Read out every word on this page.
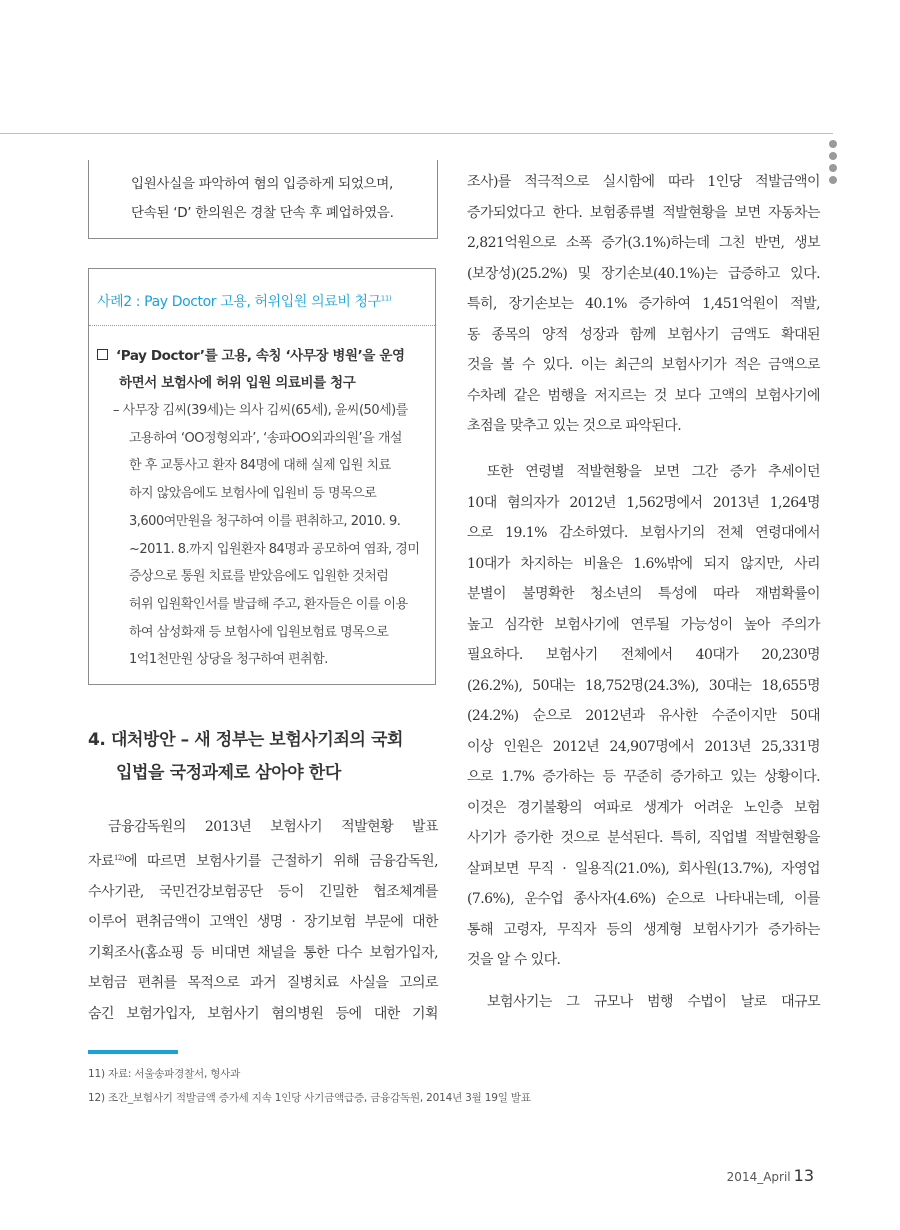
입원사실을 파악하여 혐의 입증하게 되었으며,

단속된 ‘D’ 한의원은 경찰 단속 후 폐업하였음.

사례2 : Pay Doctor 고용, 허위입원 의료비 청구$^{11)}$
‘Pay Doctor’를 고용, 속칭 ‘사무장 병원’을 운영
하면서 보험사에 허위 입원 의료비를 청구
– 사무장 김씨(39세)는 의사 김씨(65세), 윤씨(50세)를
고용하여 ‘OO정형외과’, ‘송파OO외과의원’을 개설
한 후 교통사고 환자 84명에 대해 실제 입원 치료
하지 않았음에도 보험사에 입원비 등 명목으로
3,600여만원을 청구하여 이를 편취하고, 2010. 9.
~2011. 8.까지 입원환자 84명과 공모하여 염좌, 경미
증상으로 통원 치료를 받았음에도 입원한 것처럼
허위 입원확인서를 발급해 주고, 환자들은 이를 이용
하여 삼성화재 등 보험사에 입원보험료 명목으로
1억1천만원 상당을 청구하여 편취함.
4. 대처방안 – 새 정부는 보험사기죄의 국회
입법을 국정과제로 삼아야 한다
금융감독원의 2013년 보험사기 적발현황 발표
자료$^{12)}$에 따르면 보험사기를 근절하기 위해 금융감독원,
수사기관, 국민건강보험공단 등이 긴밀한 협조체계를
이루어 편취금액이 고액인 생명 · 장기보험 부문에 대한
기획조사(홈쇼핑 등 비대면 채널을 통한 다수 보험가입자,
보험금 편취를 목적으로 과거 질병치료 사실을 고의로
숨긴 보험가입자, 보험사기 혐의병원 등에 대한 기획
조사)를 적극적으로 실시함에 따라 1인당 적발금액이
증가되었다고 한다. 보험종류별 적발현황을 보면 자동차는
2,821억원으로 소폭 증가(3.1%)하는데 그친 반면, 생보
(보장성)(25.2%) 및 장기손보(40.1%)는 급증하고 있다.
특히, 장기손보는 40.1% 증가하여 1,451억원이 적발,
동 종목의 양적 성장과 함께 보험사기 금액도 확대된
것을 볼 수 있다. 이는 최근의 보험사기가 적은 금액으로
수차례 같은 범행을 저지르는 것 보다 고액의 보험사기에
초점을 맞추고 있는 것으로 파악된다.
또한 연령별 적발현황을 보면 그간 증가 추세이던
10대 혐의자가 2012년 1,562명에서 2013년 1,264명
으로 19.1% 감소하였다. 보험사기의 전체 연령대에서
10대가 차지하는 비율은 1.6%밖에 되지 않지만, 사리
분별이 불명확한 청소년의 특성에 따라 재범확률이
높고 심각한 보험사기에 연루될 가능성이 높아 주의가
필요하다. 보험사기 전체에서 40대가 20,230명
(26.2%), 50대는 18,752명(24.3%), 30대는 18,655명
(24.2%) 순으로 2012년과 유사한 수준이지만 50대
이상 인원은 2012년 24,907명에서 2013년 25,331명
으로 1.7% 증가하는 등 꾸준히 증가하고 있는 상황이다.
이것은 경기불황의 여파로 생계가 어려운 노인층 보험
사기가 증가한 것으로 분석된다. 특히, 직업별 적발현황을
살펴보면 무직 · 일용직(21.0%), 회사원(13.7%), 자영업
(7.6%), 운수업 종사자(4.6%) 순으로 나타내는데, 이를
통해 고령자, 무직자 등의 생계형 보험사기가 증가하는
것을 알 수 있다.
보험사기는 그 규모나 범행 수법이 날로 대규모
11) 자료: 서울송파경찰서, 형사과
12) 조간_보험사기 적발금액 증가세 지속 1인당 사기금액급증, 금융감독원, 2014년 3월 19일 발표
2014_April 13
